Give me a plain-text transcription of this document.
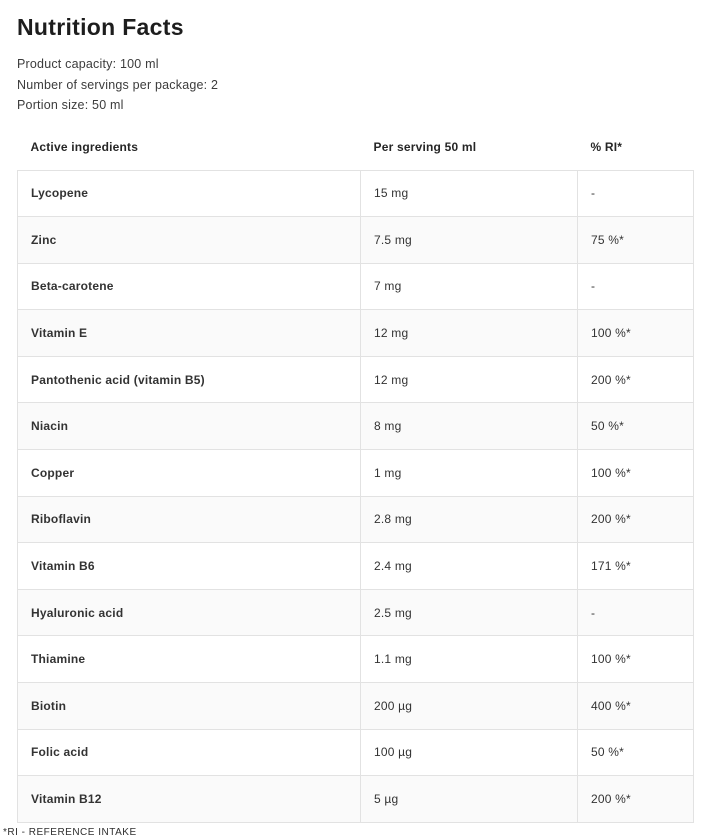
Nutrition Facts
Product capacity: 100 ml
Number of servings per package: 2
Portion size: 50 ml
Active ingredients	Per serving 50 ml	% RI*
Lycopene	15 mg	-
Zinc	7.5 mg	75 %*
Beta-carotene	7 mg	-
Vitamin E	12 mg	100 %*
Pantothenic acid (vitamin B5)	12 mg	200 %*
Niacin	8 mg	50 %*
Copper	1 mg	100 %*
Riboflavin	2.8 mg	200 %*
Vitamin B6	2.4 mg	171 %*
Hyaluronic acid	2.5 mg	-
Thiamine	1.1 mg	100 %*
Biotin	200 µg	400 %*
Folic acid	100 µg	50 %*
Vitamin B12	5 µg	200 %*
*RI - REFERENCE INTAKE
